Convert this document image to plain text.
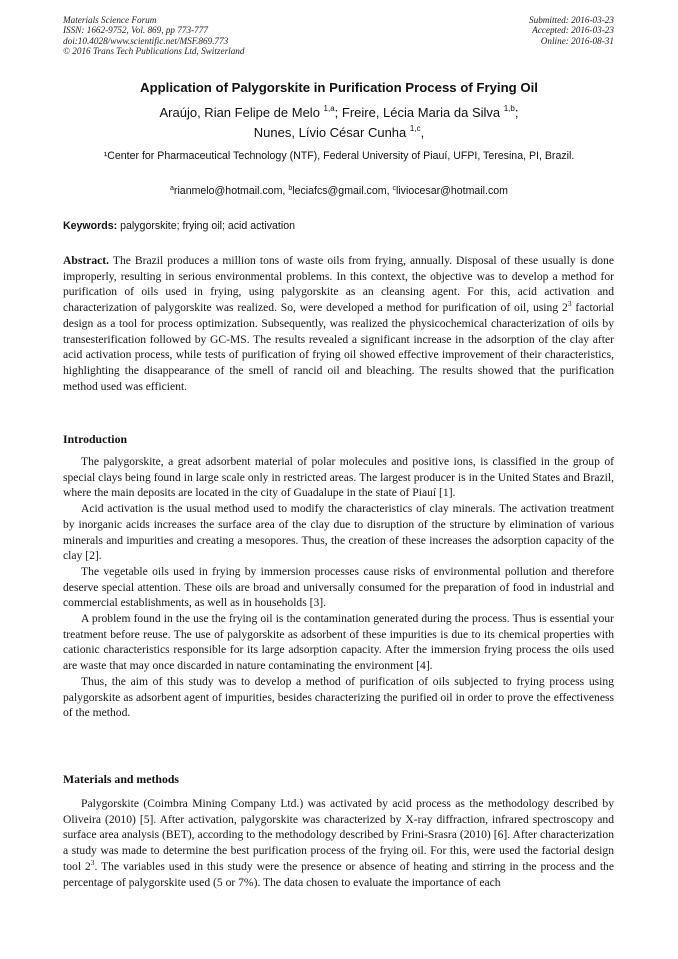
Materials Science Forum
ISSN: 1662-9752, Vol. 869, pp 773-777
doi:10.4028/www.scientific.net/MSF.869.773
© 2016 Trans Tech Publications Ltd, Switzerland
Submitted: 2016-03-23
Accepted: 2016-03-23
Online: 2016-08-31
Application of Palygorskite in Purification Process of Frying Oil
Araújo, Rian Felipe de Melo $^{1,a}$; Freire, Lécia Maria da Silva $^{1,b}$;
Nunes, Lívio César Cunha $^{1,c}$,
¹Center for Pharmaceutical Technology (NTF), Federal University of Piauí, UFPI, Teresina, PI, Brazil.
$^a$rianmelo@hotmail.com, $^b$leciafcs@gmail.com, $^c$liviocesar@hotmail.com
Keywords: palygorskite; frying oil; acid activation

Abstract. The Brazil produces a million tons of waste oils from frying, annually. Disposal of these usually is done improperly, resulting in serious environmental problems. In this context, the objective was to develop a method for purification of oils used in frying, using palygorskite as an cleansing agent. For this, acid activation and characterization of palygorskite was realized. So, were developed a method for purification of oil, using $2^3$ factorial design as a tool for process optimization. Subsequently, was realized the physicochemical characterization of oils by transesterification followed by GC-MS. The results revealed a significant increase in the adsorption of the clay after acid activation process, while tests of purification of frying oil showed effective improvement of their characteristics, highlighting the disappearance of the smell of rancid oil and bleaching. The results showed that the purification method used was efficient.

Introduction

The palygorskite, a great adsorbent material of polar molecules and positive ions, is classified in the group of special clays being found in large scale only in restricted areas. The largest producer is in the United States and Brazil, where the main deposits are located in the city of Guadalupe in the state of Piauí [1].

Acid activation is the usual method used to modify the characteristics of clay minerals. The activation treatment by inorganic acids increases the surface area of the clay due to disruption of the structure by elimination of various minerals and impurities and creating a mesopores. Thus, the creation of these increases the adsorption capacity of the clay [2].

The vegetable oils used in frying by immersion processes cause risks of environmental pollution and therefore deserve special attention. These oils are broad and universally consumed for the preparation of food in industrial and commercial establishments, as well as in households [3].

A problem found in the use the frying oil is the contamination generated during the process. Thus is essential your treatment before reuse. The use of palygorskite as adsorbent of these impurities is due to its chemical properties with cationic characteristics responsible for its large adsorption capacity. After the immersion frying process the oils used are waste that may once discarded in nature contaminating the environment [4].

Thus, the aim of this study was to develop a method of purification of oils subjected to frying process using palygorskite as adsorbent agent of impurities, besides characterizing the purified oil in order to prove the effectiveness of the method.

Materials and methods

Palygorskite (Coimbra Mining Company Ltd.) was activated by acid process as the methodology described by Oliveira (2010) [5]. After activation, palygorskite was characterized by X-ray diffraction, infrared spectroscopy and surface area analysis (BET), according to the methodology described by Frini-Srasra (2010) [6]. After characterization a study was made to determine the best purification process of the frying oil. For this, were used the factorial design tool $2^3$. The variables used in this study were the presence or absence of heating and stirring in the process and the percentage of palygorskite used (5 or 7%). The data chosen to evaluate the importance of each
